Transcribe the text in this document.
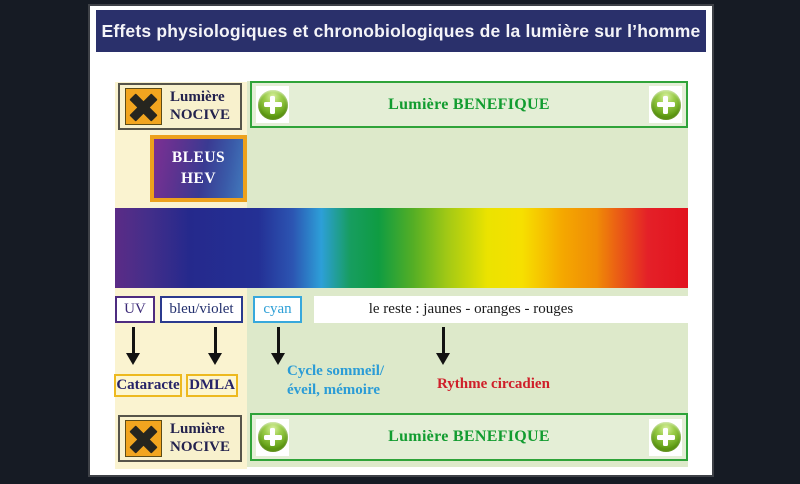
Effets physiologiques et chronobiologiques de la lumière sur l’homme
Lumière
NOCIVE
Lumière BENEFIQUE
BLEUS
HEV
UV	bleu/violet	cyan	le reste : jaunes - oranges - rouges
Cataracte DMLA
Cycle sommeil/
éveil, mémoire	Rythme circadien
Lumière
NOCIVE
Lumière BENEFIQUE
